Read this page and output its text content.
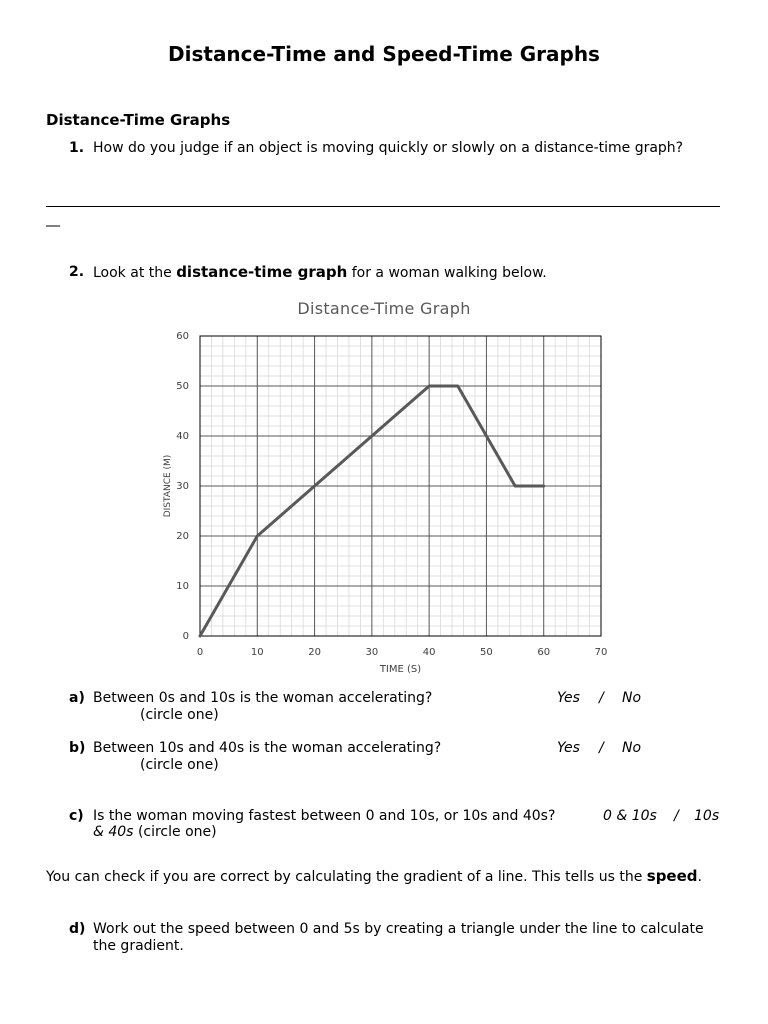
Distance-Time and Speed-Time Graphs
Distance-Time Graphs
1. How do you judge if an object is moving quickly or slowly on a distance-time graph?
__
2. Look at the distance-time graph for a woman walking below.
Distance-Time Graph
0	10	20	30	40	50	60	70
0
10
20
30
40
50
60
TIME (S)
DISTANCE (M)
a) Between 0s and 10s is the woman accelerating?
(circle one)
Yes / No
b) Between 10s and 40s is the woman accelerating?
(circle one)
Yes / No
c) Is the woman moving fastest between 0 and 10s, or 10s and 40s?	0 & 10s / 10s
& 40s (circle one)
You can check if you are correct by calculating the gradient of a line. This tells us the speed.
d) Work out the speed between 0 and 5s by creating a triangle under the line to calculate the gradient.
